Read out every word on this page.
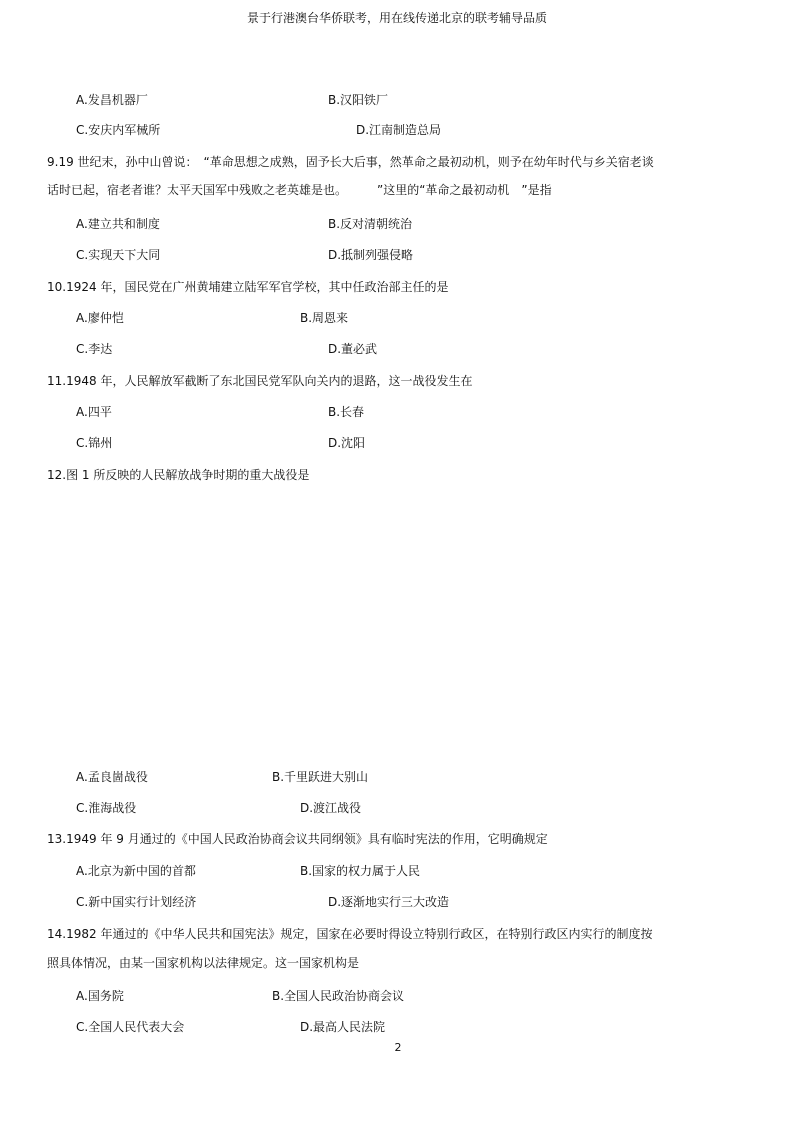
景于行港澳台华侨联考，用在线传递北京的联考辅导品质
A.发昌机器厂	B.汉阳铁厂
C.安庆内军械所	D.江南制造总局
9.19 世纪末，孙中山曾说：　“革命思想之成熟，固予长大后事，然革命之最初动机，则予在幼年时代与乡关宿老谈
话时已起，宿老者谁？太平天国军中残败之老英雄是也。　　　”这里的“革命之最初动机　”是指
A.建立共和制度	B.反对清朝统治
C.实现天下大同	D.抵制列强侵略
10.1924 年，国民党在广州黄埔建立陆军军官学校，其中任政治部主任的是
A.廖仲恺	B.周恩来
C.李达	D.董必武
11.1948 年，人民解放军截断了东北国民党军队向关内的退路，这一战役发生在
A.四平	B.长春
C.锦州	D.沈阳
12.图 1 所反映的人民解放战争时期的重大战役是
A.孟良崮战役	B.千里跃进大别山
C.淮海战役	D.渡江战役
13.1949 年 9 月通过的《中国人民政治协商会议共同纲领》具有临时宪法的作用，它明确规定
A.北京为新中国的首都	B.国家的权力属于人民
C.新中国实行计划经济	D.逐渐地实行三大改造
14.1982 年通过的《中华人民共和国宪法》规定，国家在必要时得设立特别行政区，在特别行政区内实行的制度按
照具体情况，由某一国家机构以法律规定。这一国家机构是
A.国务院	B.全国人民政治协商会议
C.全国人民代表大会	D.最高人民法院
2
